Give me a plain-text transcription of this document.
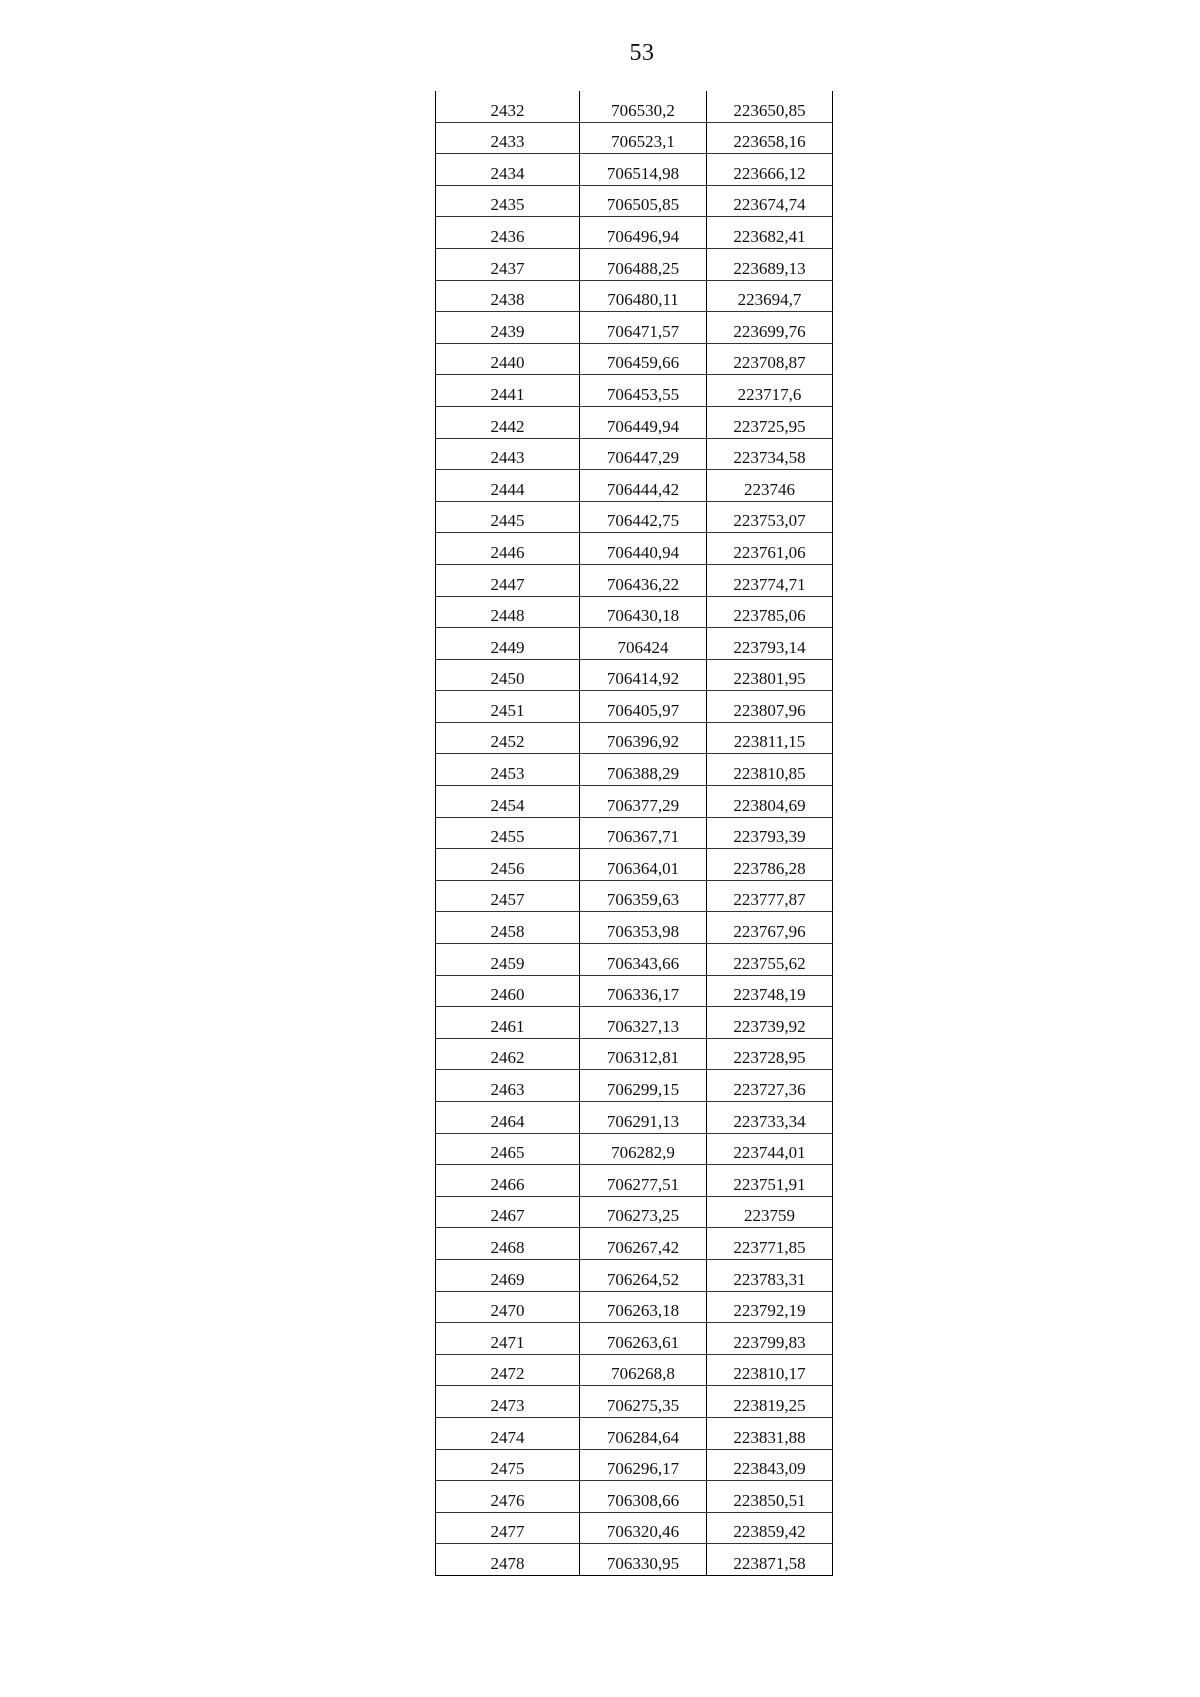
53
2432	706530,2	223650,85
2433	706523,1	223658,16
2434	706514,98	223666,12
2435	706505,85	223674,74
2436	706496,94	223682,41
2437	706488,25	223689,13
2438	706480,11	223694,7
2439	706471,57	223699,76
2440	706459,66	223708,87
2441	706453,55	223717,6
2442	706449,94	223725,95
2443	706447,29	223734,58
2444	706444,42	223746
2445	706442,75	223753,07
2446	706440,94	223761,06
2447	706436,22	223774,71
2448	706430,18	223785,06
2449	706424	223793,14
2450	706414,92	223801,95
2451	706405,97	223807,96
2452	706396,92	223811,15
2453	706388,29	223810,85
2454	706377,29	223804,69
2455	706367,71	223793,39
2456	706364,01	223786,28
2457	706359,63	223777,87
2458	706353,98	223767,96
2459	706343,66	223755,62
2460	706336,17	223748,19
2461	706327,13	223739,92
2462	706312,81	223728,95
2463	706299,15	223727,36
2464	706291,13	223733,34
2465	706282,9	223744,01
2466	706277,51	223751,91
2467	706273,25	223759
2468	706267,42	223771,85
2469	706264,52	223783,31
2470	706263,18	223792,19
2471	706263,61	223799,83
2472	706268,8	223810,17
2473	706275,35	223819,25
2474	706284,64	223831,88
2475	706296,17	223843,09
2476	706308,66	223850,51
2477	706320,46	223859,42
2478	706330,95	223871,58
